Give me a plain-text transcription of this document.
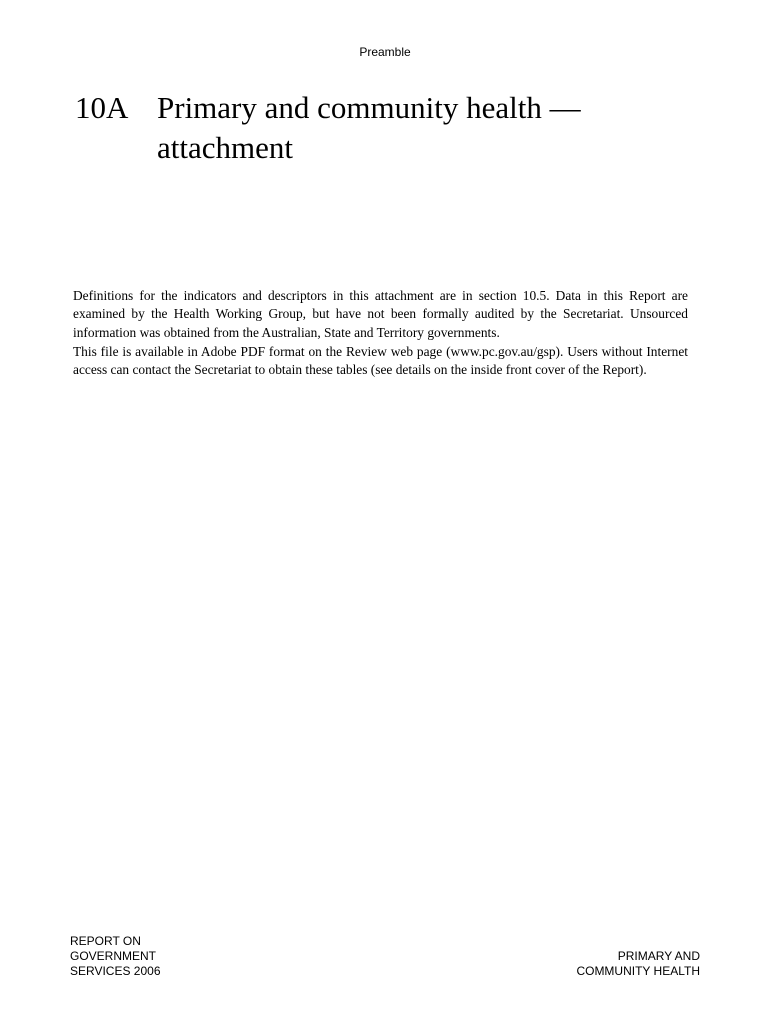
Preamble
10A Primary and community health — attachment

Definitions for the indicators and descriptors in this attachment are in section 10.5. Data in this Report are examined by the Health Working Group, but have not been formally audited by the Secretariat. Unsourced information was obtained from the Australian, State and Territory governments.

This file is available in Adobe PDF format on the Review web page (www.pc.gov.au/gsp). Users without Internet access can contact the Secretariat to obtain these tables (see details on the inside front cover of the Report).

REPORT ON
GOVERNMENT
SERVICES 2006
PRIMARY AND
COMMUNITY HEALTH
